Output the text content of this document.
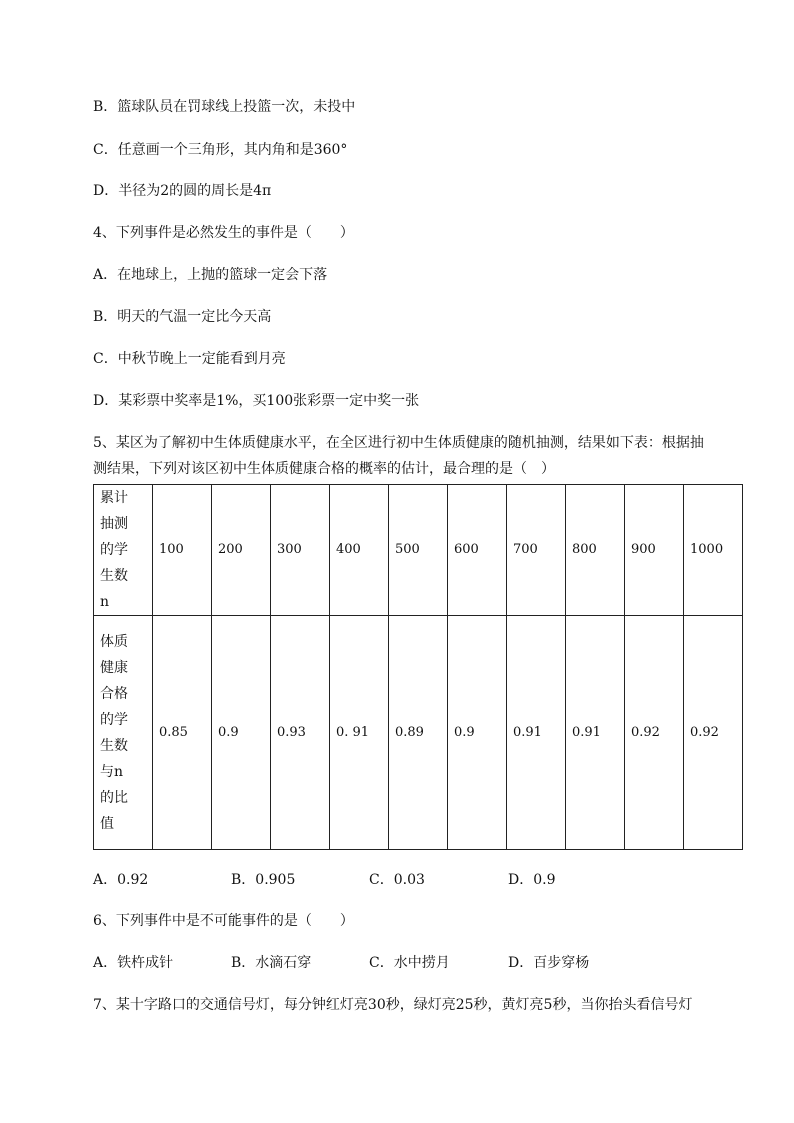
B．篮球队员在罚球线上投篮一次，未投中
C．任意画一个三角形，其内角和是360°
D．半径为2的圆的周长是4π
4、下列事件是必然发生的事件是（　　）
A．在地球上，上抛的篮球一定会下落
B．明天的气温一定比今天高
C．中秋节晚上一定能看到月亮
D．某彩票中奖率是1%，买100张彩票一定中奖一张
5、某区为了解初中生体质健康水平，在全区进行初中生体质健康的随机抽测，结果如下表：根据抽
测结果，下列对该区初中生体质健康合格的概率的估计，最合理的是（　）
累计抽测的学生数n	100	200	300	400	500	600	700	800	900	1000

体质健康合格的学生数与n的比值	0.85	0.9	0.93	0. 91	0.89	0.9	0.91	0.91	0.92	0.92
A．0.92	B．0.905	C．0.03	D．0.9
6、下列事件中是不可能事件的是（　　）
A．铁杵成针	B．水滴石穿	C．水中捞月	D．百步穿杨
7、某十字路口的交通信号灯，每分钟红灯亮30秒，绿灯亮25秒，黄灯亮5秒，当你抬头看信号灯
